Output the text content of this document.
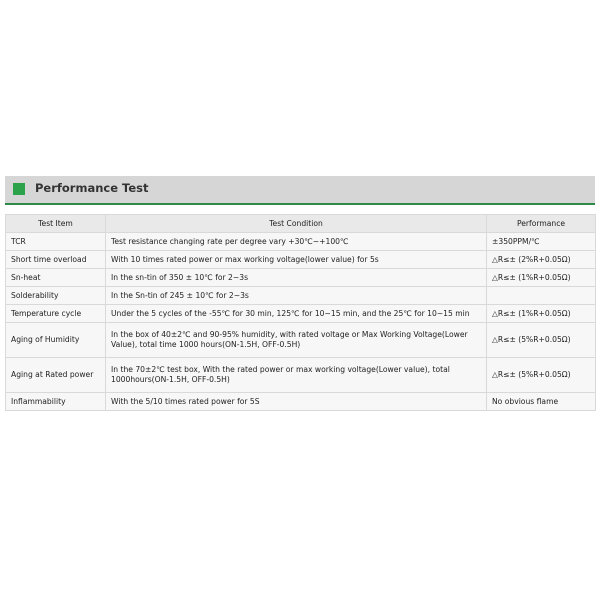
Performance Test
Test Item	Test Condition	Performance
TCR	Test resistance changing rate per degree vary +30℃~+100℃	±350PPM/℃
Short time overload	With 10 times rated power or max working voltage(lower value) for 5s	△R≤± (2%R+0.05Ω)
Sn-heat	In the sn-tin of 350 ± 10℃ for 2~3s	△R≤± (1%R+0.05Ω)
Solderability	In the Sn-tin of 245 ± 10℃ for 2~3s	
Temperature cycle	Under the 5 cycles of the -55℃ for 30 min, 125℃ for 10~15 min, and the 25℃ for 10~15 min	△R≤± (1%R+0.05Ω)
Aging of Humidity	In the box of 40±2℃ and 90-95% humidity, with rated voltage or Max Working Voltage(Lower Value), total time 1000 hours(ON-1.5H, OFF-0.5H)	△R≤± (5%R+0.05Ω)
Aging at Rated power	In the 70±2℃ test box, With the rated power or max working voltage(Lower value), total 1000hours(ON-1.5H, OFF-0.5H)	△R≤± (5%R+0.05Ω)
Inflammability	With the 5/10 times rated power for 5S	No obvious flame
